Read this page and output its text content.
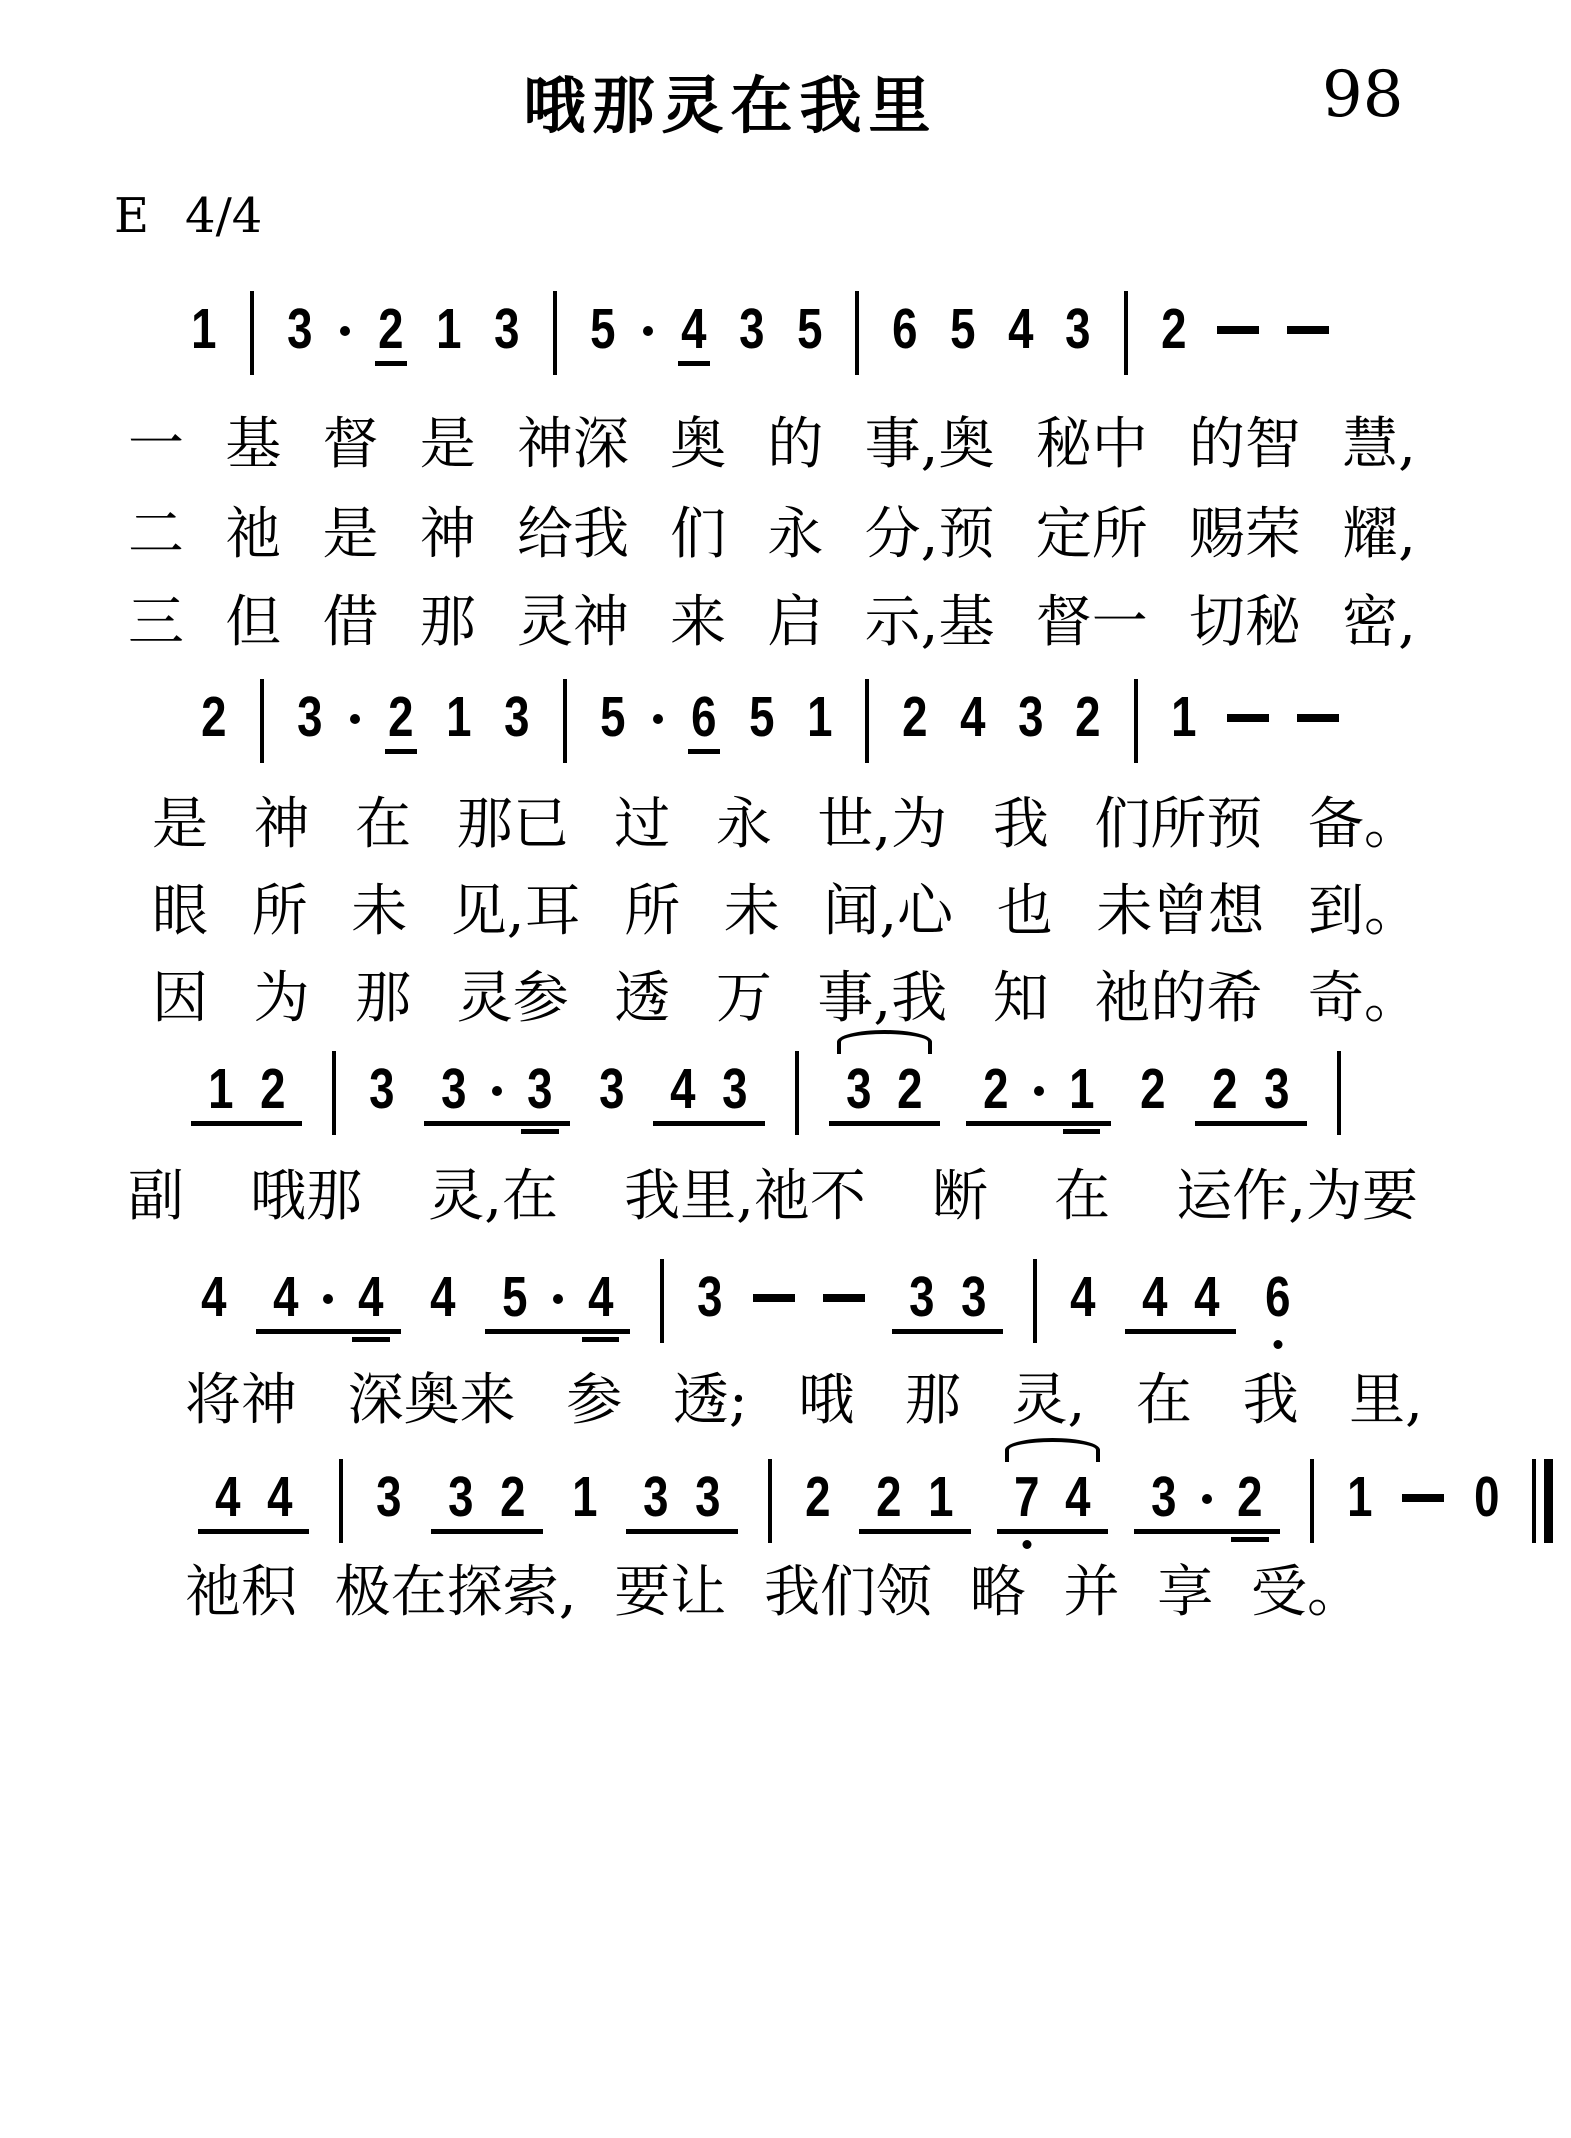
哦那灵在我里	98
E 4/4
1 3 2 1 3 5 4 3 5 6 5 4 3 2
一 基 督 是 神深 奥 的 事,奥 秘中 的智 慧,
二 祂 是 神 给我 们 永 分,预 定所 赐荣 耀,
三 但 借 那 灵神 来 启 示,基 督一 切秘 密,
2 3 2 1 3 5 6 5 1 2 4 3 2 1
是 神 在 那已 过 永 世,为 我 们所预 备。
眼 所 未 见,耳 所 未 闻,心 也 未曾想 到。
因 为 那 灵参 透 万 事,我 知 祂的希 奇。
1 2 3 3 3 3 4 3 3 2 2 1 2 2 3
副 哦那 灵,在 我里,祂不 断 在 运作,为要
4 4 4 4 5 4 3	3 3 4 4 4 6
将神 深奥来 参 透; 哦 那 灵, 在 我 里,
4 4 3 3 2 1 3 3 2 2 1 7 4 3 2 1 0
祂积 极在探索, 要让 我们领 略 并 享 受。
